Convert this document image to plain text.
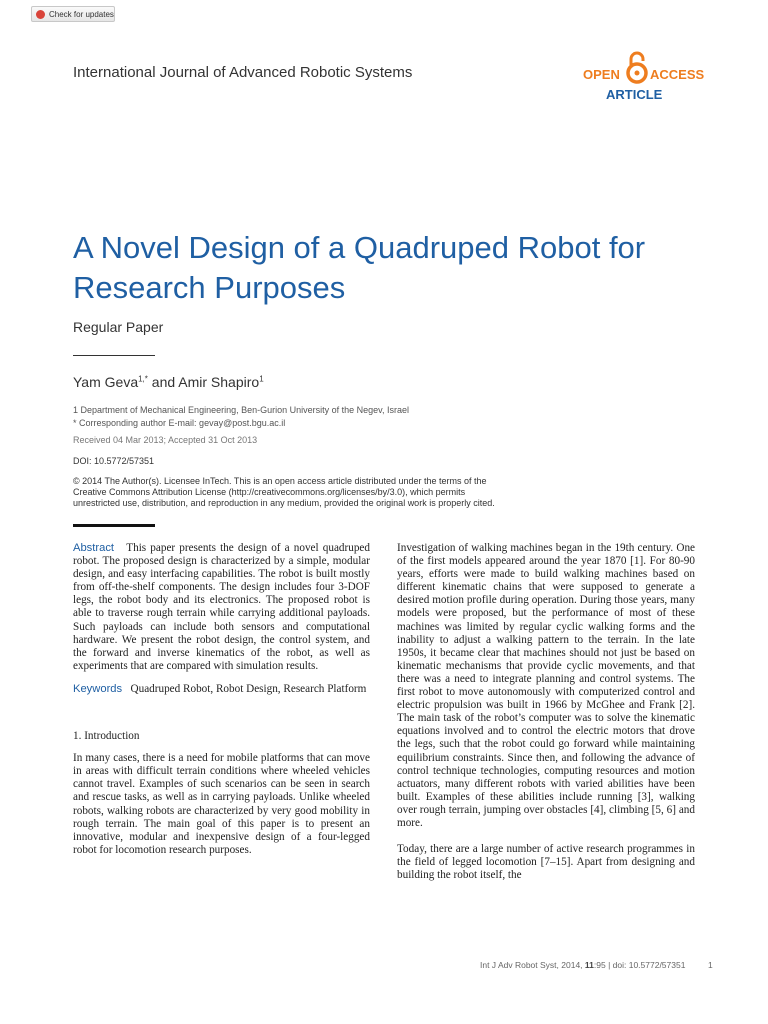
Check for updates
International Journal of Advanced Robotic Systems	OPEN ACCESS
ARTICLE
A Novel Design of a Quadruped Robot for Research Purposes
Regular Paper
Yam Geva$^{1,*}$ and Amir Shapiro$^1$
1 Department of Mechanical Engineering, Ben-Gurion University of the Negev, Israel
* Corresponding author E-mail: gevay@post.bgu.ac.il
Received 04 Mar 2013; Accepted 31 Oct 2013
DOI: 10.5772/57351
© 2014 The Author(s). Licensee InTech. This is an open access article distributed under the terms of the Creative Commons Attribution License (http://creativecommons.org/licenses/by/3.0), which permits unrestricted use, distribution, and reproduction in any medium, provided the original work is properly cited.

Abstract This paper presents the design of a novel quadruped robot. The proposed design is characterized by a simple, modular design, and easy interfacing capabilities. The robot is built mostly from off-the-shelf components. The design includes four 3-DOF legs, the robot body and its electronics. The proposed robot is able to traverse rough terrain while carrying additional payloads. Such payloads can include both sensors and computational hardware. We present the robot design, the control system, and the forward and inverse kinematics of the robot, as well as experiments that are compared with simulation results.

Keywords Quadruped Robot, Robot Design, Research Platform

1. Introduction

In many cases, there is a need for mobile platforms that can move in areas with difficult terrain conditions where wheeled vehicles cannot travel. Examples of such scenarios can be seen in search and rescue tasks, as well as in carrying payloads. Unlike wheeled robots, walking robots are characterized by very good mobility in rough terrain. The main goal of this paper is to present an innovative, modular and inexpensive design of a four-legged robot for locomotion research purposes.

Investigation of walking machines began in the 19th century. One of the first models appeared around the year 1870 [1]. For 80-90 years, efforts were made to build walking machines based on different kinematic chains that were supposed to generate a desired motion profile during operation. During those years, many models were proposed, but the performance of most of these machines was limited by regular cyclic walking forms and the inability to adjust a walking pattern to the terrain. In the late 1950s, it became clear that machines should not just be based on kinematic mechanisms that provide cyclic movements, and that there was a need to integrate planning and control systems. The first robot to move autonomously with computerized control and electric propulsion was built in 1966 by McGhee and Frank [2]. The main task of the robot’s computer was to solve the kinematic equations involved and to control the electric motors that drove the legs, such that the robot could go forward while maintaining equilibrium constraints. Since then, and following the advance of control technique technologies, computing resources and motion actuators, many different robots with varied abilities have been built. Examples of these abilities include running [3], walking over rough terrain, jumping over obstacles [4], climbing [5, 6] and more.

Today, there are a large number of active research programmes in the field of legged locomotion [7–15]. Apart from designing and building the robot itself, the

Int J Adv Robot Syst, 2014, 11:95 | doi: 10.5772/57351	1
